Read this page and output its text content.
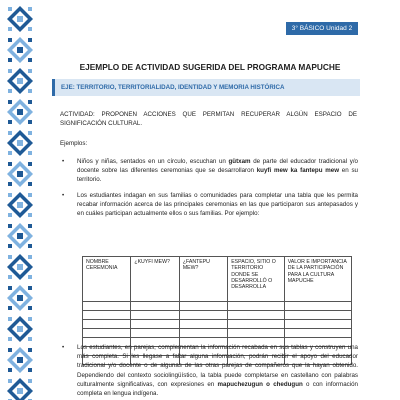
3° BÁSICO Unidad 2
EJEMPLO DE ACTIVIDAD SUGERIDA DEL PROGRAMA MAPUCHE
EJE: TERRITORIO, TERRITORIALIDAD, IDENTIDAD Y MEMORIA HISTÓRICA
ACTIVIDAD: PROPONEN ACCIONES QUE PERMITAN RECUPERAR ALGÚN ESPACIO DE SIGNIFICACIÓN CULTURAL.
Ejemplos:
•	Niños y niñas, sentados en un círculo, escuchan un gütxam de parte del educador tradicional y/o docente sobre las diferentes ceremonias que se desarrollaron kuyfi mew ka fantepu mew en su territorio.
•	Los estudiantes indagan en sus familias o comunidades para completar una tabla que les permita recabar información acerca de las principales ceremonias en las que participaron sus antepasados y en cuáles participan actualmente ellos o sus familias. Por ejemplo:
NOMBRE CEREMONIA	¿KUYFI MEW?	¿FANTEPU MEW?	ESPACIO, SITIO O TERRITORIO DONDE SE DESARROLLÓ O DESARROLLA	VALOR E IMPORTANCIA DE LA PARTICIPACIÓN PARA LA CULTURA MAPUCHE

•	Los estudiantes, en parejas, complementan la información recabada en sus tablas y construyen una más completa. Si les llegase a faltar alguna información, podrán recibir el apoyo del educador tradicional y/o docente o de algunas de las otras parejas de compañeros que la hayan obtenido. Dependiendo del contexto sociolingüístico, la tabla puede completarse en castellano con palabras culturalmente significativas, con expresiones en mapuchezugun o chedugun o con información completa en lengua indígena.
